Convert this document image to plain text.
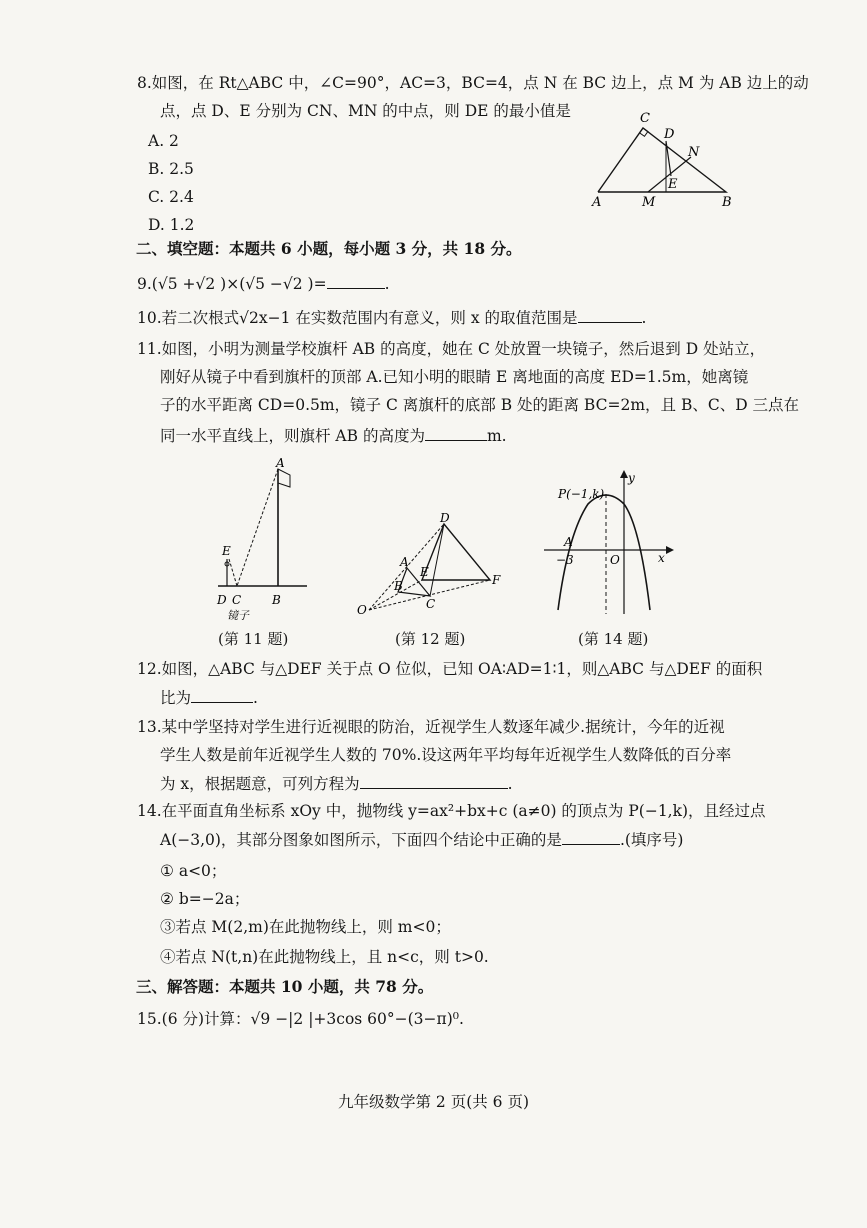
8.如图，在 Rt△ABC 中，∠C=90°，AC=3，BC=4，点 N 在 BC 边上，点 M 为 AB 边上的动
点，点 D、E 分别为 CN、MN 的中点，则 DE 的最小值是
A. 2
B. 2.5
C. 2.4
D. 1.2
C
D
N
E
A	M	B
二、填空题：本题共 6 小题，每小题 3 分，共 18 分。
9.(√5 +√2 )×(√5 −√2 )=	.
10.若二次根式√2x−1 在实数范围内有意义，则 x 的取值范围是	.
11.如图，小明为测量学校旗杆 AB 的高度，她在 C 处放置一块镜子，然后退到 D 处站立，
刚好从镜子中看到旗杆的顶部 A.已知小明的眼睛 E 离地面的高度 ED=1.5m，她离镜
子的水平距离 CD=0.5m，镜子 C 离旗杆的底部 B 处的距离 BC=2m，且 B、C、D 三点在
同一水平直线上，则旗杆 AB 的高度为	m.
A
E
D C	B
镜子
(第 11 题)
D
A
E
B	F
O	C
(第 12 题)
P(−1,k)
y
x
A
−3	O
(第 14 题)
12.如图，△ABC 与△DEF 关于点 O 位似，已知 OA∶AD=1∶1，则△ABC 与△DEF 的面积
比为	.
13.某中学坚持对学生进行近视眼的防治，近视学生人数逐年减少.据统计，今年的近视
学生人数是前年近视学生人数的 70%.设这两年平均每年近视学生人数降低的百分率
为 x，根据题意，可列方程为	.
14.在平面直角坐标系 xOy 中，抛物线 y=ax²+bx+c (a≠0) 的顶点为 P(−1,k)，且经过点
A(−3,0)，其部分图象如图所示，下面四个结论中正确的是	.(填序号)
① a<0；
② b=−2a；
③若点 M(2,m)在此抛物线上，则 m<0；
④若点 N(t,n)在此抛物线上，且 n<c，则 t>0.
三、解答题：本题共 10 小题，共 78 分。
15.(6 分)计算：√9 −|2 |+3cos 60°−(3−π)⁰.
九年级数学第 2 页(共 6 页)
